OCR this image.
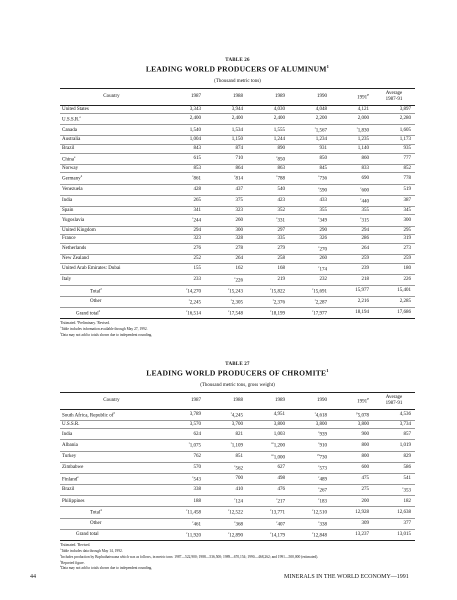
TABLE 26
LEADING WORLD PRODUCERS OF ALUMINUM$^1$
(Thousand metric tons)
Country	1987	1988	1989	1990	1991e	Average
1987-91

United States	3,343	3,944	4,030	4,048	4,121	3,897
U.S.S.R.$^e$	2,400	2,400	2,400	2,200	2,000	2,280
Canada	1,540	1,534	1,555	$^r$1,567	$^r$1,830	1,605
Australia	1,004	1,150	1,244	1,234	1,235	1,173
Brazil	843	874	890	931	1,140	935
China$^e$	615	710	$^r$850	850	860	777
Norway	853	864	863	845	833	852
Germany$^4$	$^r$861	$^r$814	$^r$788	$^r$736	690	778
Venezuela	428	437	540	$^r$590	$^r$600	519
India	265	375	423	433	$^r$440	387
Spain	341	323	352	355	355	345
Yugoslavia	$^r$244	260	$^r$331	$^r$349	$^r$315	300
United Kingdom	294	300	297	290	294	295
France	323	328	335	326	286	319
Netherlands	276	278	279	$^r$270	264	273
New Zealand	252	264	258	260	259	259
United Arab Emirates: Dubai	155	162	168	$^r$174	239	180
Italy	233	$^r$226	219	232	218	226
Total$^2$	$^r$14,270	$^r$15,243	$^r$15,822	$^r$15,691	15,977	15,401
Other	$^r$2,245	$^r$2,305	$^r$2,376	$^r$2,287	2,216	2,285
Grand total$^2$	$^r$16,514	$^r$17,548	$^r$18,199	$^r$17,977	18,194	17,686
$^e$Estimated. $^p$Preliminary. $^r$Revised.
$^1$Table includes information available through May 27, 1992.
$^2$Data may not add to totals shown due to independent rounding.
TABLE 27
LEADING WORLD PRODUCERS OF CHROMITE$^1$
(Thousand metric tons, gross weight)
Country	1987	1988	1989	1990	1991e	Average
1987-91

South Africa, Republic $of^2$	3,789	$^r$4,245	4,951	$^r$4,618	$^p$5,078	4,536
U.S.S.R.	3,570	3,700	3,800	3,800	3,800	3,734
India	624	821	1,003	$^r$939	900	857
Albania	$^r$1,075	$^r$1,109	$^{re}$1,200	$^r$910	800	1,019
Turkey	762	851	$^{re}$1,000	$^{r3}$730	800	829
Zimbabwe	570	$^r$562	627	$^r$573	600	586
Finland$^e$	$^r$543	700	498	$^r$489	475	541
Brazil	338	410	476	$^r$267	275	$^r$353
Philippines	188	$^r$124	$^r$217	$^r$183	200	182
Total$^4$	$^r$11,458	$^r$12,522	$^r$13,771	$^r$12,510	12,928	12,638
Other	$^r$461	$^r$368	$^r$407	$^r$338	309	377
Grand total	$^r$11,920	$^r$12,890	$^r$14,179	$^r$12,848	13,237	13,015
$^e$Estimated. $^r$Revised.
$^1$Table includes data through May 14, 1992.
$^2$Includes production by Bophuthatswana which was as follows, in metric tons: 1987—522,900; 1988—536,500; 1989—670,154; 1990—468,262; and 1991—500,000 (estimated).
$^3$Reported figure.
$^4$Data may not add to totals shown due to independent rounding.
44	MINERALS IN THE WORLD ECONOMY—1991
